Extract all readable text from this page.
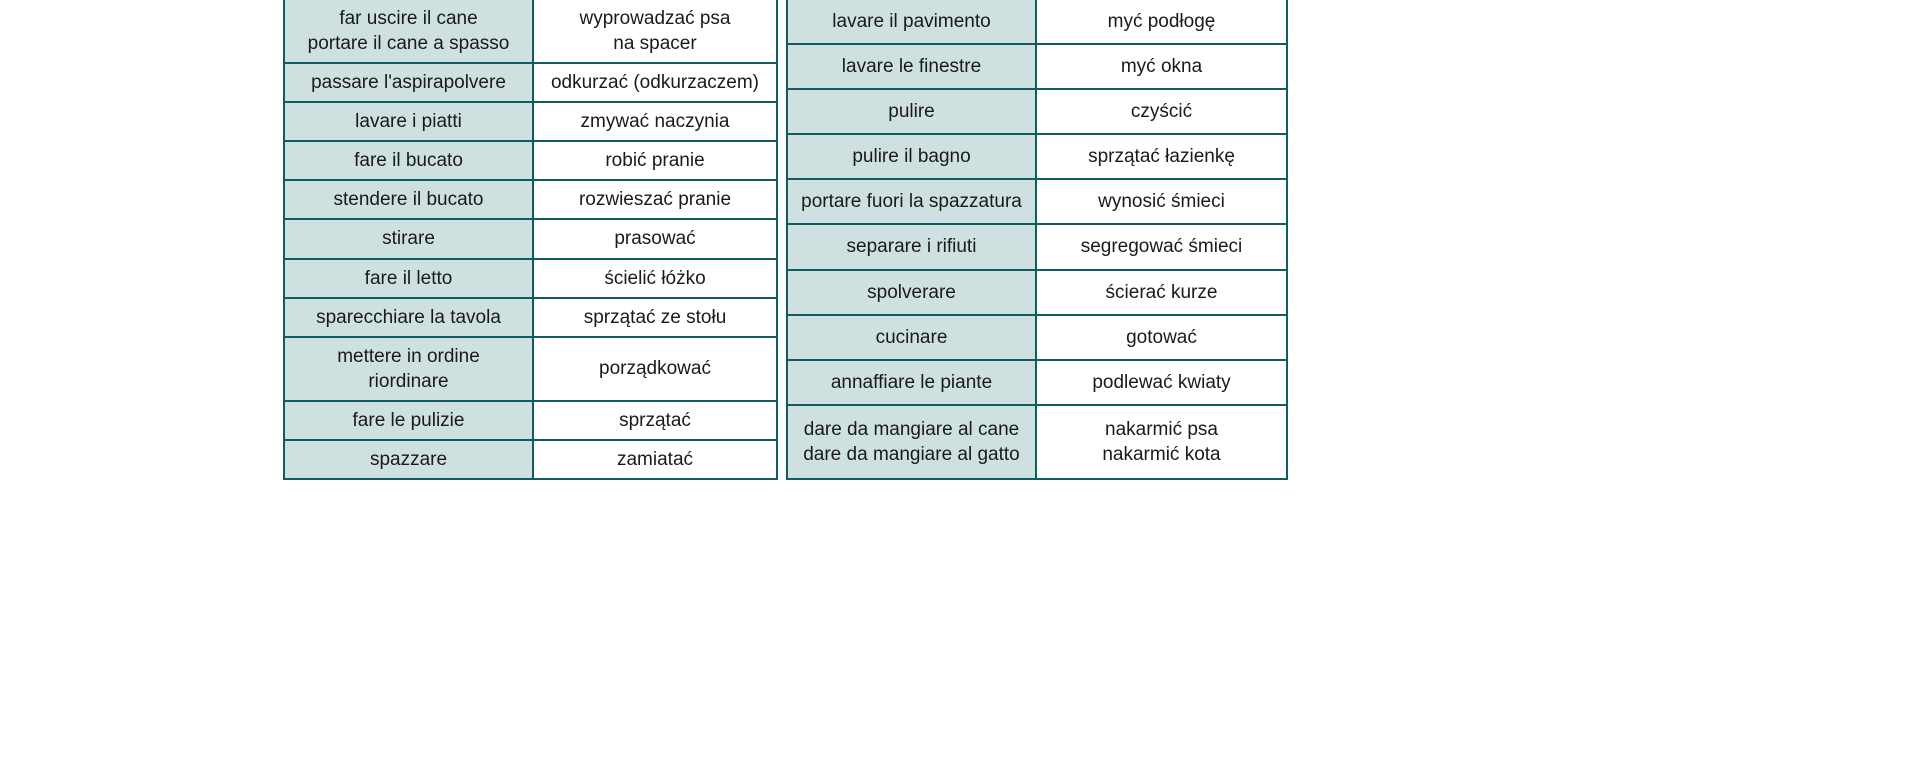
far uscire il cane
portare il cane a spasso	wyprowadzać psa
na spacer

passare l'aspirapolvere	odkurzać (odkurzaczem)

lavare i piatti	zmywać naczynia

fare il bucato	robić pranie

stendere il bucato	rozwieszać pranie

stirare	prasować

fare il letto	ścielić łóżko

sparecchiare la tavola	sprzątać ze stołu

mettere in ordine
riordinare	porządkować

fare le pulizie	sprzątać

spazzare	zamiatać
lavare il pavimento	myć podłogę

lavare le finestre	myć okna

pulire	czyścić

pulire il bagno	sprzątać łazienkę

portare fuori la spazzatura	wynosić śmieci

separare i rifiuti	segregować śmieci

spolverare	ścierać kurze

cucinare	gotować

annaffiare le piante	podlewać kwiaty

dare da mangiare al cane
dare da mangiare al gatto	nakarmić psa
nakarmić kota
